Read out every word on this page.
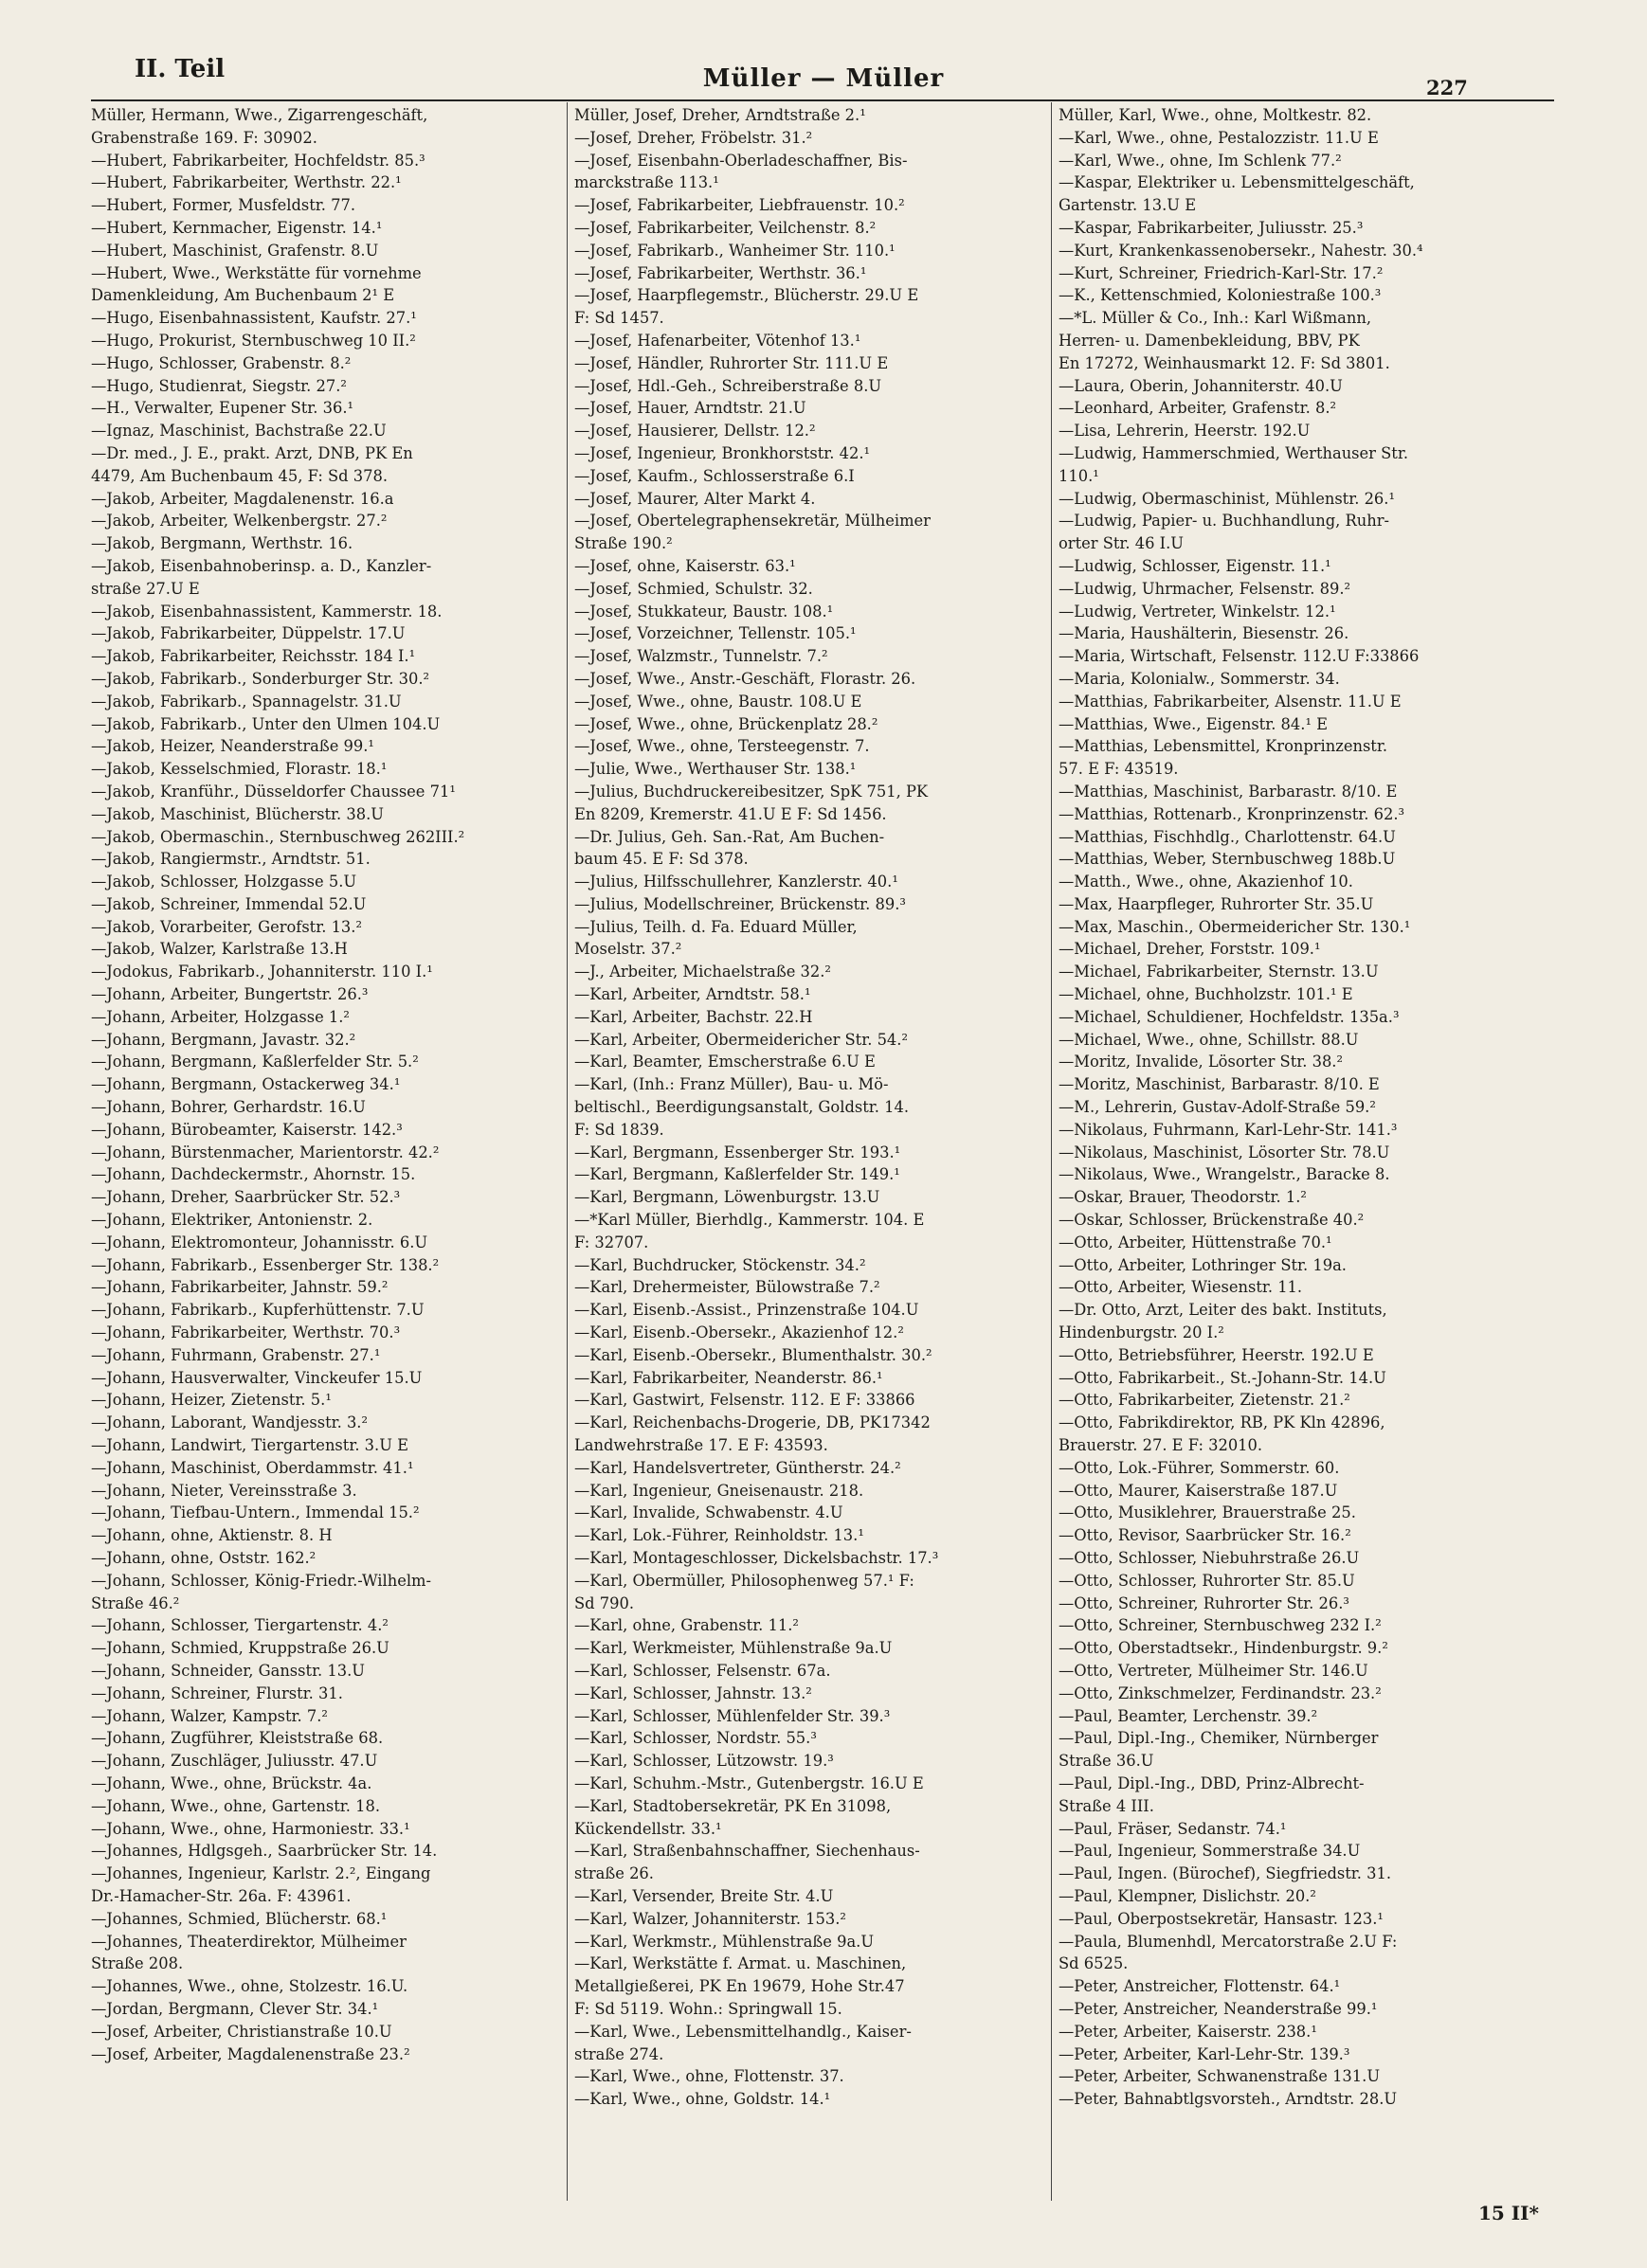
II. Teil	Müller — Müller	227
Müller, Hermann, Wwe., Zigarrengeschäft,
Grabenstraße 169. F: 30902.
—Hubert, Fabrikarbeiter, Hochfeldstr. 85.³
—Hubert, Fabrikarbeiter, Werthstr. 22.¹
—Hubert, Former, Musfeldstr. 77.
—Hubert, Kernmacher, Eigenstr. 14.¹
—Hubert, Maschinist, Grafenstr. 8.U
—Hubert, Wwe., Werkstätte für vornehme
Damenkleidung, Am Buchenbaum 2¹ E
—Hugo, Eisenbahnassistent, Kaufstr. 27.¹
—Hugo, Prokurist, Sternbuschweg 10 II.²
—Hugo, Schlosser, Grabenstr. 8.²
—Hugo, Studienrat, Siegstr. 27.²
—H., Verwalter, Eupener Str. 36.¹
—Ignaz, Maschinist, Bachstraße 22.U
—Dr. med., J. E., prakt. Arzt, DNB, PK En
4479, Am Buchenbaum 45, F: Sd 378.
—Jakob, Arbeiter, Magdalenenstr. 16.a
—Jakob, Arbeiter, Welkenbergstr. 27.²
—Jakob, Bergmann, Werthstr. 16.
—Jakob, Eisenbahnoberinsp. a. D., Kanzler-
straße 27.U E
—Jakob, Eisenbahnassistent, Kammerstr. 18.
—Jakob, Fabrikarbeiter, Düppelstr. 17.U
—Jakob, Fabrikarbeiter, Reichsstr. 184 I.¹
—Jakob, Fabrikarb., Sonderburger Str. 30.²
—Jakob, Fabrikarb., Spannagelstr. 31.U
—Jakob, Fabrikarb., Unter den Ulmen 104.U
—Jakob, Heizer, Neanderstraße 99.¹
—Jakob, Kesselschmied, Florastr. 18.¹
—Jakob, Kranführ., Düsseldorfer Chaussee 71¹
—Jakob, Maschinist, Blücherstr. 38.U
—Jakob, Obermaschin., Sternbuschweg 262III.²
—Jakob, Rangiermstr., Arndtstr. 51.
—Jakob, Schlosser, Holzgasse 5.U
—Jakob, Schreiner, Immendal 52.U
—Jakob, Vorarbeiter, Gerofstr. 13.²
—Jakob, Walzer, Karlstraße 13.H
—Jodokus, Fabrikarb., Johanniterstr. 110 I.¹
—Johann, Arbeiter, Bungertstr. 26.³
—Johann, Arbeiter, Holzgasse 1.²
—Johann, Bergmann, Javastr. 32.²
—Johann, Bergmann, Kaßlerfelder Str. 5.²
—Johann, Bergmann, Ostackerweg 34.¹
—Johann, Bohrer, Gerhardstr. 16.U
—Johann, Bürobeamter, Kaiserstr. 142.³
—Johann, Bürstenmacher, Marientorstr. 42.²
—Johann, Dachdeckermstr., Ahornstr. 15.
—Johann, Dreher, Saarbrücker Str. 52.³
—Johann, Elektriker, Antonienstr. 2.
—Johann, Elektromonteur, Johannisstr. 6.U
—Johann, Fabrikarb., Essenberger Str. 138.²
—Johann, Fabrikarbeiter, Jahnstr. 59.²
—Johann, Fabrikarb., Kupferhüttenstr. 7.U
—Johann, Fabrikarbeiter, Werthstr. 70.³
—Johann, Fuhrmann, Grabenstr. 27.¹
—Johann, Hausverwalter, Vinckeufer 15.U
—Johann, Heizer, Zietenstr. 5.¹
—Johann, Laborant, Wandjesstr. 3.²
—Johann, Landwirt, Tiergartenstr. 3.U E
—Johann, Maschinist, Oberdammstr. 41.¹
—Johann, Nieter, Vereinsstraße 3.
—Johann, Tiefbau-Untern., Immendal 15.²
—Johann, ohne, Aktienstr. 8. H
—Johann, ohne, Oststr. 162.²
—Johann, Schlosser, König-Friedr.-Wilhelm-
Straße 46.²
—Johann, Schlosser, Tiergartenstr. 4.²
—Johann, Schmied, Kruppstraße 26.U
—Johann, Schneider, Gansstr. 13.U
—Johann, Schreiner, Flurstr. 31.
—Johann, Walzer, Kampstr. 7.²
—Johann, Zugführer, Kleiststraße 68.
—Johann, Zuschläger, Juliusstr. 47.U
—Johann, Wwe., ohne, Brückstr. 4a.
—Johann, Wwe., ohne, Gartenstr. 18.
—Johann, Wwe., ohne, Harmoniestr. 33.¹
—Johannes, Hdlgsgeh., Saarbrücker Str. 14.
—Johannes, Ingenieur, Karlstr. 2.², Eingang
Dr.-Hamacher-Str. 26a. F: 43961.
—Johannes, Schmied, Blücherstr. 68.¹
—Johannes, Theaterdirektor, Mülheimer
Straße 208.
—Johannes, Wwe., ohne, Stolzestr. 16.U.
—Jordan, Bergmann, Clever Str. 34.¹
—Josef, Arbeiter, Christianstraße 10.U
—Josef, Arbeiter, Magdalenenstraße 23.²
Müller, Josef, Dreher, Arndtstraße 2.¹
—Josef, Dreher, Fröbelstr. 31.²
—Josef, Eisenbahn-Oberladeschaffner, Bis-
marckstraße 113.¹
—Josef, Fabrikarbeiter, Liebfrauenstr. 10.²
—Josef, Fabrikarbeiter, Veilchenstr. 8.²
—Josef, Fabrikarb., Wanheimer Str. 110.¹
—Josef, Fabrikarbeiter, Werthstr. 36.¹
—Josef, Haarpflegemstr., Blücherstr. 29.U E
F: Sd 1457.
—Josef, Hafenarbeiter, Vötenhof 13.¹
—Josef, Händler, Ruhrorter Str. 111.U E
—Josef, Hdl.-Geh., Schreiberstraße 8.U
—Josef, Hauer, Arndtstr. 21.U
—Josef, Hausierer, Dellstr. 12.²
—Josef, Ingenieur, Bronkhorststr. 42.¹
—Josef, Kaufm., Schlosserstraße 6.I
—Josef, Maurer, Alter Markt 4.
—Josef, Obertelegraphensekretär, Mülheimer
Straße 190.²
—Josef, ohne, Kaiserstr. 63.¹
—Josef, Schmied, Schulstr. 32.
—Josef, Stukkateur, Baustr. 108.¹
—Josef, Vorzeichner, Tellenstr. 105.¹
—Josef, Walzmstr., Tunnelstr. 7.²
—Josef, Wwe., Anstr.-Geschäft, Florastr. 26.
—Josef, Wwe., ohne, Baustr. 108.U E
—Josef, Wwe., ohne, Brückenplatz 28.²
—Josef, Wwe., ohne, Tersteegenstr. 7.
—Julie, Wwe., Werthauser Str. 138.¹
—Julius, Buchdruckereibesitzer, SpK 751, PK
En 8209, Kremerstr. 41.U E F: Sd 1456.
—Dr. Julius, Geh. San.-Rat, Am Buchen-
baum 45. E F: Sd 378.
—Julius, Hilfsschullehrer, Kanzlerstr. 40.¹
—Julius, Modellschreiner, Brückenstr. 89.³
—Julius, Teilh. d. Fa. Eduard Müller,
Moselstr. 37.²
—J., Arbeiter, Michaelstraße 32.²
—Karl, Arbeiter, Arndtstr. 58.¹
—Karl, Arbeiter, Bachstr. 22.H
—Karl, Arbeiter, Obermeidericher Str. 54.²
—Karl, Beamter, Emscherstraße 6.U E
—Karl, (Inh.: Franz Müller), Bau- u. Mö-
beltischl., Beerdigungsanstalt, Goldstr. 14.
F: Sd 1839.
—Karl, Bergmann, Essenberger Str. 193.¹
—Karl, Bergmann, Kaßlerfelder Str. 149.¹
—Karl, Bergmann, Löwenburgstr. 13.U
—*Karl Müller, Bierhdlg., Kammerstr. 104. E
F: 32707.
—Karl, Buchdrucker, Stöckenstr. 34.²
—Karl, Drehermeister, Bülowstraße 7.²
—Karl, Eisenb.-Assist., Prinzenstraße 104.U
—Karl, Eisenb.-Obersekr., Akazienhof 12.²
—Karl, Eisenb.-Obersekr., Blumenthalstr. 30.²
—Karl, Fabrikarbeiter, Neanderstr. 86.¹
—Karl, Gastwirt, Felsenstr. 112. E F: 33866
—Karl, Reichenbachs-Drogerie, DB, PK17342
Landwehrstraße 17. E F: 43593.
—Karl, Handelsvertreter, Güntherstr. 24.²
—Karl, Ingenieur, Gneisenaustr. 218.
—Karl, Invalide, Schwabenstr. 4.U
—Karl, Lok.-Führer, Reinholdstr. 13.¹
—Karl, Montageschlosser, Dickelsbachstr. 17.³
—Karl, Obermüller, Philosophenweg 57.¹ F:
Sd 790.
—Karl, ohne, Grabenstr. 11.²
—Karl, Werkmeister, Mühlenstraße 9a.U
—Karl, Schlosser, Felsenstr. 67a.
—Karl, Schlosser, Jahnstr. 13.²
—Karl, Schlosser, Mühlenfelder Str. 39.³
—Karl, Schlosser, Nordstr. 55.³
—Karl, Schlosser, Lützowstr. 19.³
—Karl, Schuhm.-Mstr., Gutenbergstr. 16.U E
—Karl, Stadtobersekretär, PK En 31098,
Kückendellstr. 33.¹
—Karl, Straßenbahnschaffner, Siechenhaus-
straße 26.
—Karl, Versender, Breite Str. 4.U
—Karl, Walzer, Johanniterstr. 153.²
—Karl, Werkmstr., Mühlenstraße 9a.U
—Karl, Werkstätte f. Armat. u. Maschinen,
Metallgießerei, PK En 19679, Hohe Str.47
F: Sd 5119. Wohn.: Springwall 15.
—Karl, Wwe., Lebensmittelhandlg., Kaiser-
straße 274.
—Karl, Wwe., ohne, Flottenstr. 37.
—Karl, Wwe., ohne, Goldstr. 14.¹
Müller, Karl, Wwe., ohne, Moltkestr. 82.
—Karl, Wwe., ohne, Pestalozzistr. 11.U E
—Karl, Wwe., ohne, Im Schlenk 77.²
—Kaspar, Elektriker u. Lebensmittelgeschäft,
Gartenstr. 13.U E
—Kaspar, Fabrikarbeiter, Juliusstr. 25.³
—Kurt, Krankenkassenobersekr., Nahestr. 30.⁴
—Kurt, Schreiner, Friedrich-Karl-Str. 17.²
—K., Kettenschmied, Koloniestraße 100.³
—*L. Müller & Co., Inh.: Karl Wißmann,
Herren- u. Damenbekleidung, BBV, PK
En 17272, Weinhausmarkt 12. F: Sd 3801.
—Laura, Oberin, Johanniterstr. 40.U
—Leonhard, Arbeiter, Grafenstr. 8.²
—Lisa, Lehrerin, Heerstr. 192.U
—Ludwig, Hammerschmied, Werthauser Str.
110.¹
—Ludwig, Obermaschinist, Mühlenstr. 26.¹
—Ludwig, Papier- u. Buchhandlung, Ruhr-
orter Str. 46 I.U
—Ludwig, Schlosser, Eigenstr. 11.¹
—Ludwig, Uhrmacher, Felsenstr. 89.²
—Ludwig, Vertreter, Winkelstr. 12.¹
—Maria, Haushälterin, Biesenstr. 26.
—Maria, Wirtschaft, Felsenstr. 112.U F:33866
—Maria, Kolonialw., Sommerstr. 34.
—Matthias, Fabrikarbeiter, Alsenstr. 11.U E
—Matthias, Wwe., Eigenstr. 84.¹ E
—Matthias, Lebensmittel, Kronprinzenstr.
57. E F: 43519.
—Matthias, Maschinist, Barbarastr. 8/10. E
—Matthias, Rottenarb., Kronprinzenstr. 62.³
—Matthias, Fischhdlg., Charlottenstr. 64.U
—Matthias, Weber, Sternbuschweg 188b.U
—Matth., Wwe., ohne, Akazienhof 10.
—Max, Haarpfleger, Ruhrorter Str. 35.U
—Max, Maschin., Obermeidericher Str. 130.¹
—Michael, Dreher, Forststr. 109.¹
—Michael, Fabrikarbeiter, Sternstr. 13.U
—Michael, ohne, Buchholzstr. 101.¹ E
—Michael, Schuldiener, Hochfeldstr. 135a.³
—Michael, Wwe., ohne, Schillstr. 88.U
—Moritz, Invalide, Lösorter Str. 38.²
—Moritz, Maschinist, Barbarastr. 8/10. E
—M., Lehrerin, Gustav-Adolf-Straße 59.²
—Nikolaus, Fuhrmann, Karl-Lehr-Str. 141.³
—Nikolaus, Maschinist, Lösorter Str. 78.U
—Nikolaus, Wwe., Wrangelstr., Baracke 8.
—Oskar, Brauer, Theodorstr. 1.²
—Oskar, Schlosser, Brückenstraße 40.²
—Otto, Arbeiter, Hüttenstraße 70.¹
—Otto, Arbeiter, Lothringer Str. 19a.
—Otto, Arbeiter, Wiesenstr. 11.
—Dr. Otto, Arzt, Leiter des bakt. Instituts,
Hindenburgstr. 20 I.²
—Otto, Betriebsführer, Heerstr. 192.U E
—Otto, Fabrikarbeit., St.-Johann-Str. 14.U
—Otto, Fabrikarbeiter, Zietenstr. 21.²
—Otto, Fabrikdirektor, RB, PK Kln 42896,
Brauerstr. 27. E F: 32010.
—Otto, Lok.-Führer, Sommerstr. 60.
—Otto, Maurer, Kaiserstraße 187.U
—Otto, Musiklehrer, Brauerstraße 25.
—Otto, Revisor, Saarbrücker Str. 16.²
—Otto, Schlosser, Niebuhrstraße 26.U
—Otto, Schlosser, Ruhrorter Str. 85.U
—Otto, Schreiner, Ruhrorter Str. 26.³
—Otto, Schreiner, Sternbuschweg 232 I.²
—Otto, Oberstadtsekr., Hindenburgstr. 9.²
—Otto, Vertreter, Mülheimer Str. 146.U
—Otto, Zinkschmelzer, Ferdinandstr. 23.²
—Paul, Beamter, Lerchenstr. 39.²
—Paul, Dipl.-Ing., Chemiker, Nürnberger
Straße 36.U
—Paul, Dipl.-Ing., DBD, Prinz-Albrecht-
Straße 4 III.
—Paul, Fräser, Sedanstr. 74.¹
—Paul, Ingenieur, Sommerstraße 34.U
—Paul, Ingen. (Bürochef), Siegfriedstr. 31.
—Paul, Klempner, Dislichstr. 20.²
—Paul, Oberpostsekretär, Hansastr. 123.¹
—Paula, Blumenhdl, Mercatorstraße 2.U F:
Sd 6525.
—Peter, Anstreicher, Flottenstr. 64.¹
—Peter, Anstreicher, Neanderstraße 99.¹
—Peter, Arbeiter, Kaiserstr. 238.¹
—Peter, Arbeiter, Karl-Lehr-Str. 139.³
—Peter, Arbeiter, Schwanenstraße 131.U
—Peter, Bahnabtlgsvorsteh., Arndtstr. 28.U
15 II*
